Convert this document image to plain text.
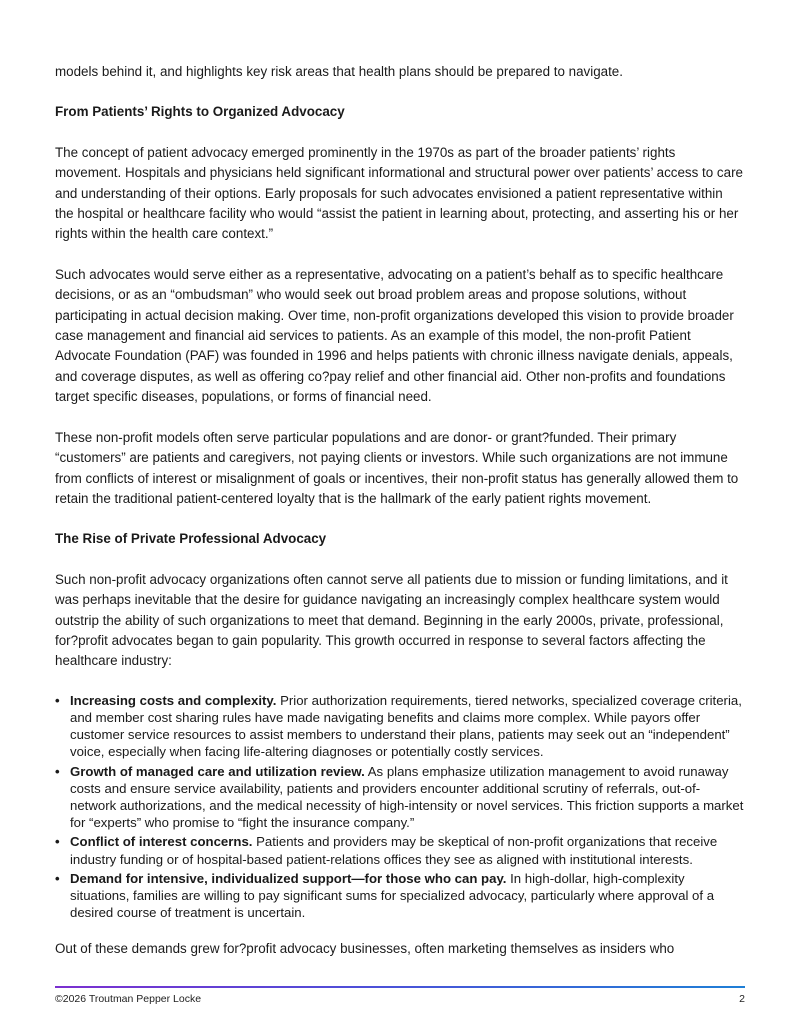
models behind it, and highlights key risk areas that health plans should be prepared to navigate.

From Patients’ Rights to Organized Advocacy

The concept of patient advocacy emerged prominently in the 1970s as part of the broader patients’ rights movement. Hospitals and physicians held significant informational and structural power over patients’ access to care and understanding of their options. Early proposals for such advocates envisioned a patient representative within the hospital or healthcare facility who would “assist the patient in learning about, protecting, and asserting his or her rights within the health care context.”

Such advocates would serve either as a representative, advocating on a patient’s behalf as to specific healthcare decisions, or as an “ombudsman” who would seek out broad problem areas and propose solutions, without participating in actual decision making. Over time, non-profit organizations developed this vision to provide broader case management and financial aid services to patients. As an example of this model, the non-profit Patient Advocate Foundation (PAF) was founded in 1996 and helps patients with chronic illness navigate denials, appeals, and coverage disputes, as well as offering co?pay relief and other financial aid. Other non-profits and foundations target specific diseases, populations, or forms of financial need.

These non-profit models often serve particular populations and are donor- or grant?funded. Their primary “customers” are patients and caregivers, not paying clients or investors. While such organizations are not immune from conflicts of interest or misalignment of goals or incentives, their non-profit status has generally allowed them to retain the traditional patient-centered loyalty that is the hallmark of the early patient rights movement.

The Rise of Private Professional Advocacy

Such non-profit advocacy organizations often cannot serve all patients due to mission or funding limitations, and it was perhaps inevitable that the desire for guidance navigating an increasingly complex healthcare system would outstrip the ability of such organizations to meet that demand. Beginning in the early 2000s, private, professional, for?profit advocates began to gain popularity. This growth occurred in response to several factors affecting the healthcare industry:

• Increasing costs and complexity. Prior authorization requirements, tiered networks, specialized coverage criteria, and member cost sharing rules have made navigating benefits and claims more complex. While payors offer customer service resources to assist members to understand their plans, patients may seek out an “independent” voice, especially when facing life-altering diagnoses or potentially costly services.
• Growth of managed care and utilization review. As plans emphasize utilization management to avoid runaway costs and ensure service availability, patients and providers encounter additional scrutiny of referrals, out-of-network authorizations, and the medical necessity of high-intensity or novel services. This friction supports a market for “experts” who promise to “fight the insurance company.”
• Conflict of interest concerns. Patients and providers may be skeptical of non-profit organizations that receive industry funding or of hospital-based patient-relations offices they see as aligned with institutional interests.
• Demand for intensive, individualized support—for those who can pay. In high-dollar, high-complexity situations, families are willing to pay significant sums for specialized advocacy, particularly where approval of a desired course of treatment is uncertain.

Out of these demands grew for?profit advocacy businesses, often marketing themselves as insiders who

©2026 Troutman Pepper Locke	2
